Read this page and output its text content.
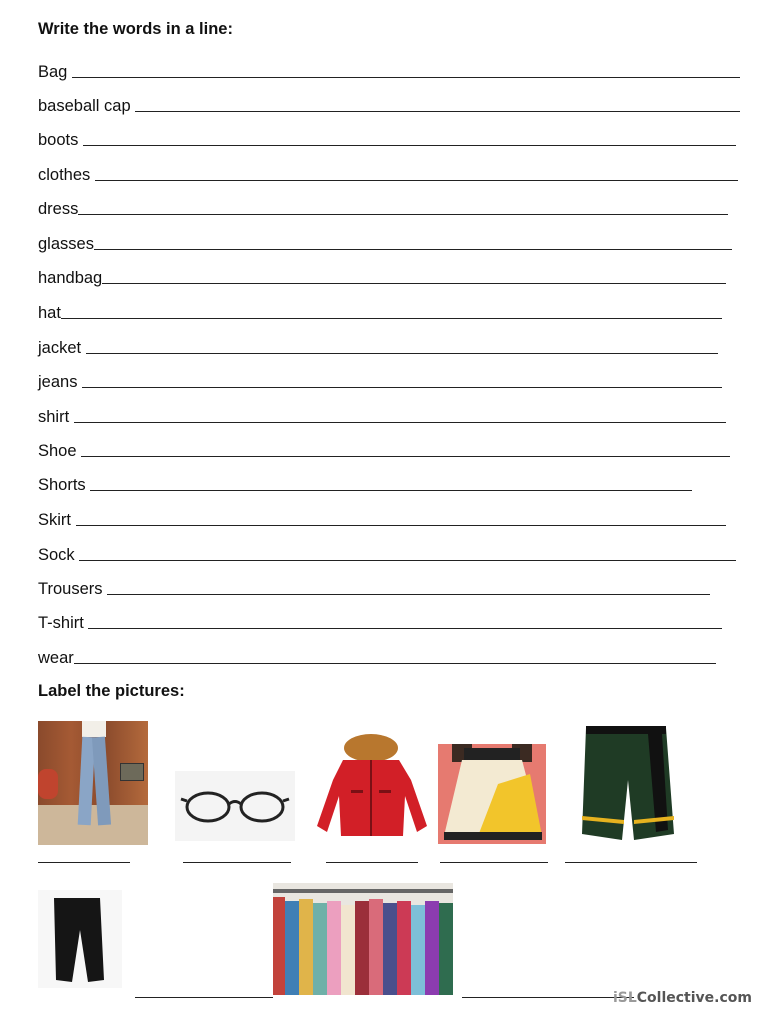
Write the words in a line:
Bag
baseball cap
boots
clothes
dress
glasses
handbag
hat
jacket
jeans
shirt
Shoe
Shorts
Skirt
Sock
Trousers
T-shirt
wear
Label the pictures:
iSLCollective.com
